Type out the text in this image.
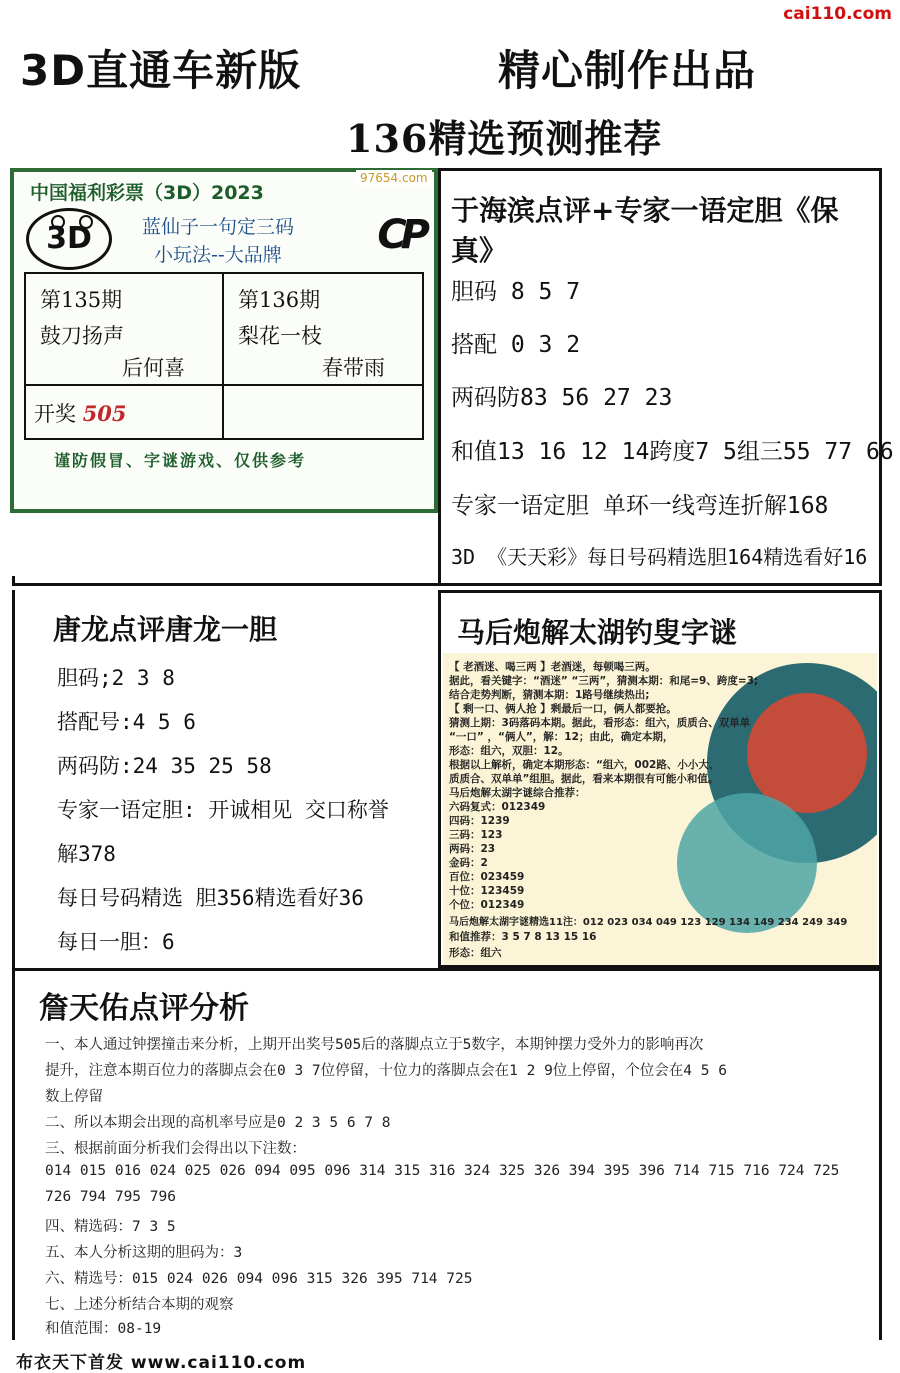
cai110.com
3D直通车新版	精心制作出品
136精选预测推荐
中国福利彩票（3D）2023
97654.com
3D	蓝仙子一句定三码
小玩法--大品牌 CP
第135期
鼓刀扬声
后何喜
第136期
梨花一枝
春带雨
开奖 505
谨防假冒、字谜游戏、仅供参考
于海滨点评+专家一语定胆《保真》
胆码 8 5 7
搭配 0 3 2
两码防83 56 27 23
和值13 16 12 14跨度7 5组三55 77 66
专家一语定胆 单环一线弯连折解168
3D 《天天彩》每日号码精选胆164精选看好16
唐龙点评唐龙一胆
胆码;2 3 8
搭配号:4 5 6
两码防:24 35 25 58
专家一语定胆: 开诚相见 交口称誉
解378
每日号码精选 胆356精选看好36
每日一胆：6
马后炮解太湖钓叟字谜
【 老酒迷、喝三两 】老酒迷，每顿喝三两。
据此，看关键字：“酒迷” “三两”，猜测本期：和尾=9、跨度=3;
结合走势判断，猜测本期：1路号继续热出;
【 剩一口、俩人抢 】剩最后一口，俩人都要抢。
猜测上期：3码落码本期。据此，看形态：组六，质质合、双单单
“一口” ，“俩人”，解：12；由此，确定本期，
形态：组六，双胆：12。
根据以上解析，确定本期形态：“组六，002路、小小大、
质质合、双单单”组胆。据此，看来本期很有可能小和值。
马后炮解太湖字谜综合推荐：
六码复式：012349
四码：1239
三码：123
两码：23
金码：2
百位：023459
十位：123459
个位：012349
马后炮解太湖字谜精选11注：012 023 034 049 123 129 134 149 234 249 349
和值推荐：3 5 7 8 13 15 16
形态：组六
詹天佑点评分析
一、本人通过钟摆撞击来分析，上期开出奖号505后的落脚点立于5数字，本期钟摆力受外力的影响再次
提升，注意本期百位力的落脚点会在0 3 7位停留，十位力的落脚点会在1 2 9位上停留，个位会在4 5 6
数上停留
二、所以本期会出现的高机率号应是0 2 3 5 6 7 8
三、根据前面分析我们会得出以下注数：
014 015 016 024 025 026 094 095 096 314 315 316 324 325 326 394 395 396 714 715 716 724 725
726 794 795 796
四、精选码：7 3 5
五、本人分析这期的胆码为：3
六、精选号：015 024 026 094 096 315 326 395 714 725
七、上述分析结合本期的观察
和值范围：08-19
布衣天下首发 www.cai110.com
